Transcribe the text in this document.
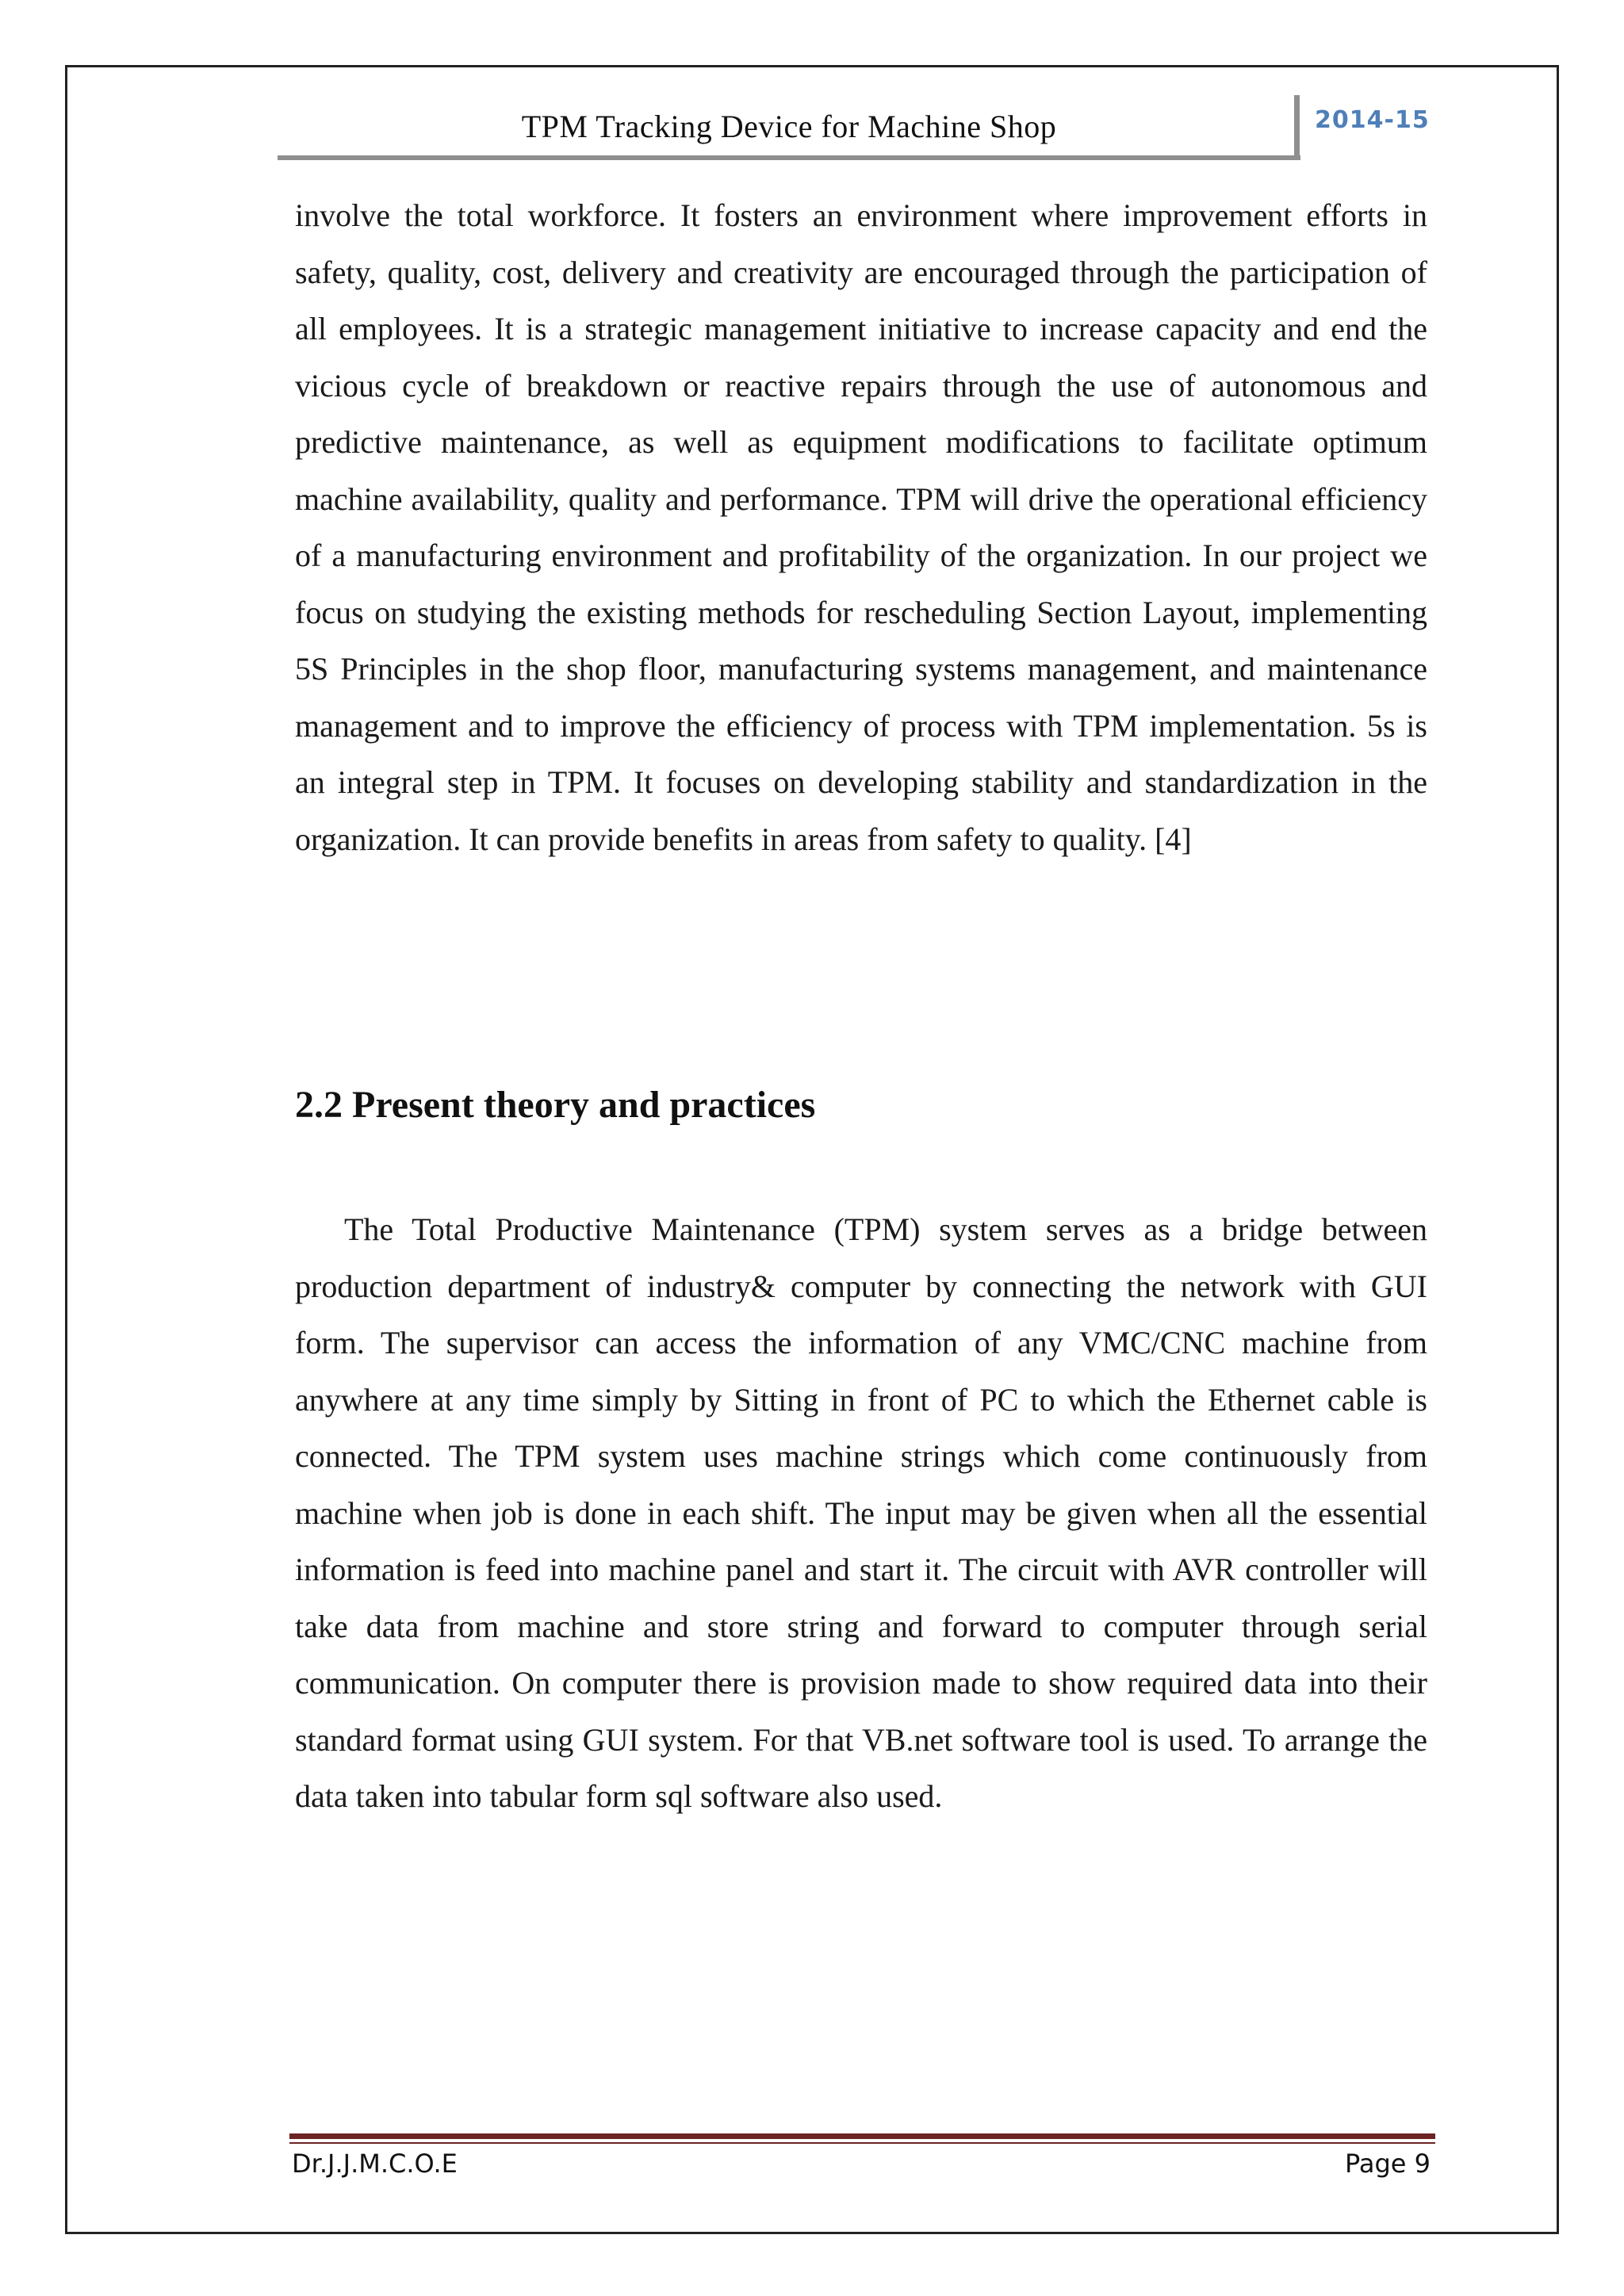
TPM Tracking Device for Machine Shop	2014-15

involve the total workforce. It fosters an environment where improvement efforts in safety, quality, cost, delivery and creativity are encouraged through the participation of all employees. It is a strategic management initiative to increase capacity and end the vicious cycle of breakdown or reactive repairs through the use of autonomous and predictive maintenance, as well as equipment modifications to facilitate optimum machine availability, quality and performance. TPM will drive the operational efficiency of a manufacturing environment and profitability of the organization. In our project we focus on studying the existing methods for rescheduling Section Layout, implementing 5S Principles in the shop floor, manufacturing systems management, and maintenance management and to improve the efficiency of process with TPM implementation. 5s is an integral step in TPM. It focuses on developing stability and standardization in the organization. It can provide benefits in areas from safety to quality. [4]

2.2 Present theory and practices

The Total Productive Maintenance (TPM) system serves as a bridge between production department of industry& computer by connecting the network with GUI form. The supervisor can access the information of any VMC/CNC machine from anywhere at any time simply by Sitting in front of PC to which the Ethernet cable is connected. The TPM system uses machine strings which come continuously from machine when job is done in each shift. The input may be given when all the essential information is feed into machine panel and start it. The circuit with AVR controller will take data from machine and store string and forward to computer through serial communication. On computer there is provision made to show required data into their standard format using GUI system. For that VB.net software tool is used. To arrange the data taken into tabular form sql software also used.

Dr.J.J.M.C.O.E	Page 9
